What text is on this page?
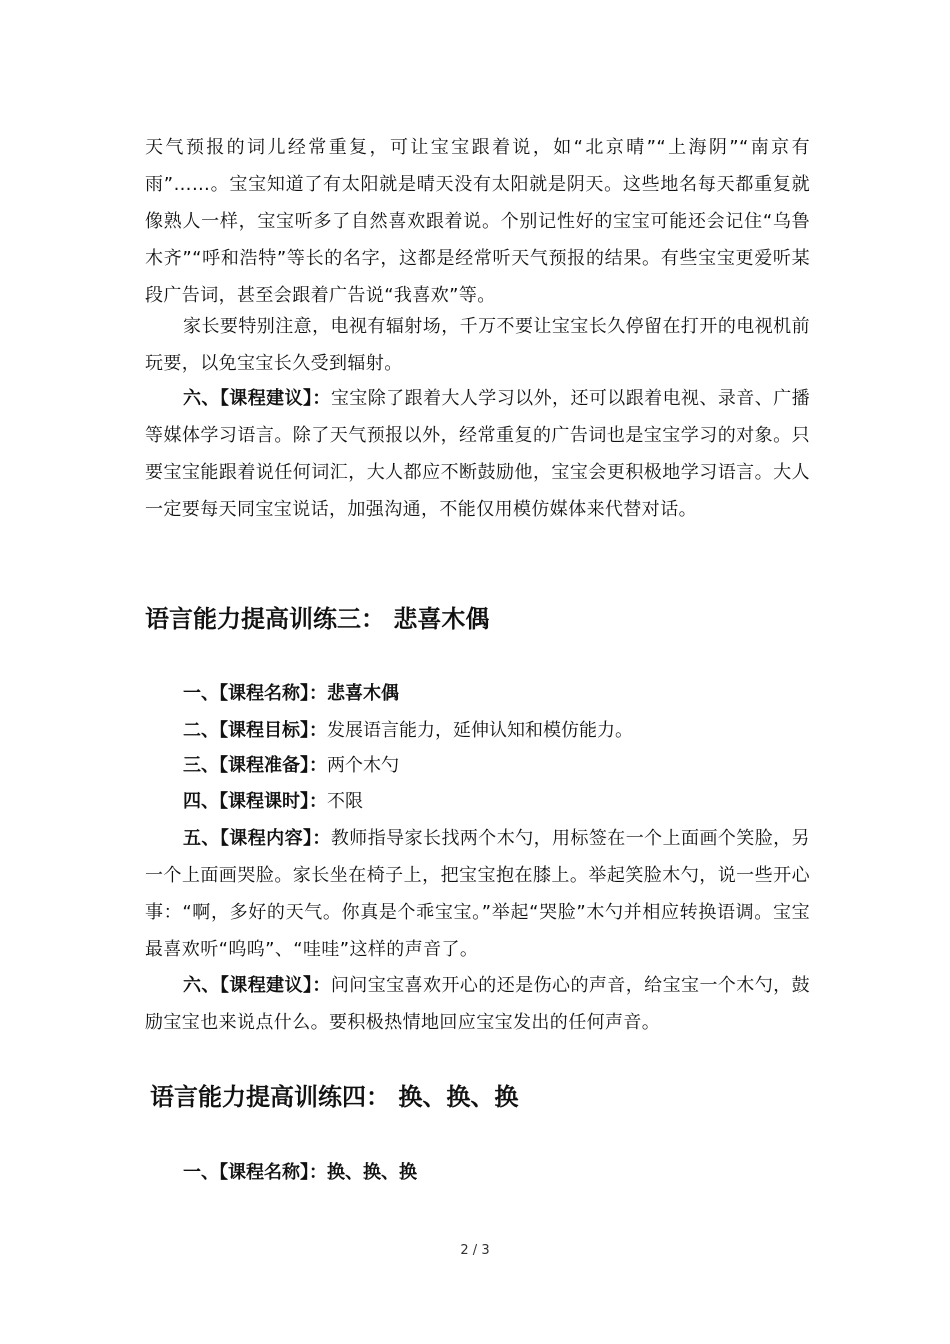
天气预报的词儿经常重复，可让宝宝跟着说，如“北京晴”“上海阴”“南京有雨”……。宝宝知道了有太阳就是晴天没有太阳就是阴天。这些地名每天都重复就像熟人一样，宝宝听多了自然喜欢跟着说。个别记性好的宝宝可能还会记住“乌鲁木齐”“呼和浩特”等长的名字，这都是经常听天气预报的结果。有些宝宝更爱听某段广告词，甚至会跟着广告说“我喜欢”等。

家长要特别注意，电视有辐射场，千万不要让宝宝长久停留在打开的电视机前玩要，以免宝宝长久受到辐射。

六、【课程建议】：宝宝除了跟着大人学习以外，还可以跟着电视、录音、广播等媒体学习语言。除了天气预报以外，经常重复的广告词也是宝宝学习的对象。只要宝宝能跟着说任何词汇，大人都应不断鼓励他，宝宝会更积极地学习语言。大人一定要每天同宝宝说话，加强沟通，不能仅用模仿媒体来代替对话。

语言能力提高训练三： 悲喜木偶

一、【课程名称】：悲喜木偶

二、【课程目标】：发展语言能力，延伸认知和模仿能力。

三、【课程准备】：两个木勺

四、【课程课时】：不限

五、【课程内容】：教师指导家长找两个木勺，用标签在一个上面画个笑脸，另一个上面画哭脸。家长坐在椅子上，把宝宝抱在膝上。举起笑脸木勺，说一些开心事：“啊，多好的天气。你真是个乖宝宝。”举起“哭脸”木勺并相应转换语调。宝宝最喜欢听“呜呜”、“哇哇”这样的声音了。

六、【课程建议】：问问宝宝喜欢开心的还是伤心的声音，给宝宝一个木勺，鼓励宝宝也来说点什么。要积极热情地回应宝宝发出的任何声音。

语言能力提高训练四： 换、换、换

一、【课程名称】：换、换、换

2 / 3
